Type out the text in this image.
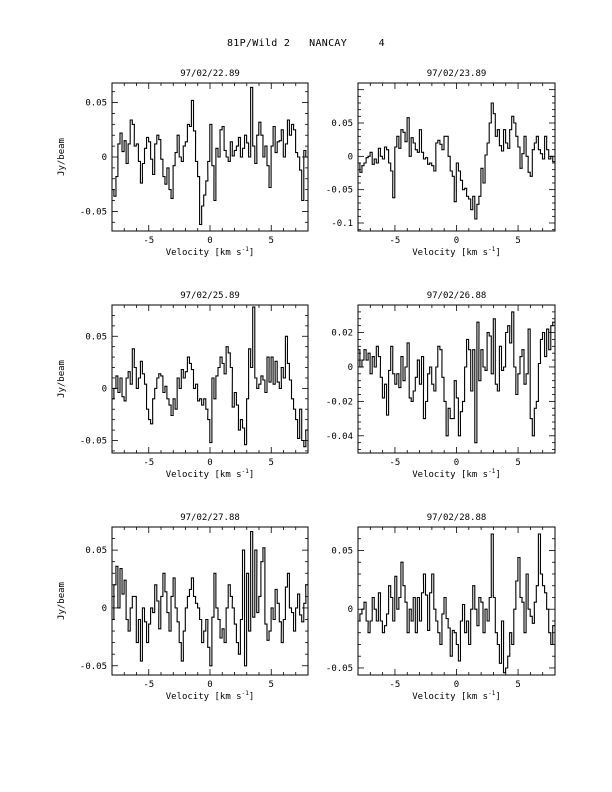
81P/Wild 2   NANCAY     4
97/02/22.89
-5	0	5
0.05
0
-0.05
Velocity [km $s^{-1}$]
Jy/beam
97/02/23.89
-5	0	5
0.05
0
-0.05
-0.1
Velocity [km $s^{-1}$]
97/02/25.89
-5	0	5
0.05
0
-0.05
Velocity [km $s^{-1}$]
Jy/beam
97/02/26.88
-5	0	5
0.02
0
-0.02
-0.04
Velocity [km $s^{-1}$]
97/02/27.88
-5	0	5
0.05
0
-0.05
Velocity [km $s^{-1}$]
Jy/beam
97/02/28.88
-5	0	5
0.05
0
-0.05
Velocity [km $s^{-1}$]
